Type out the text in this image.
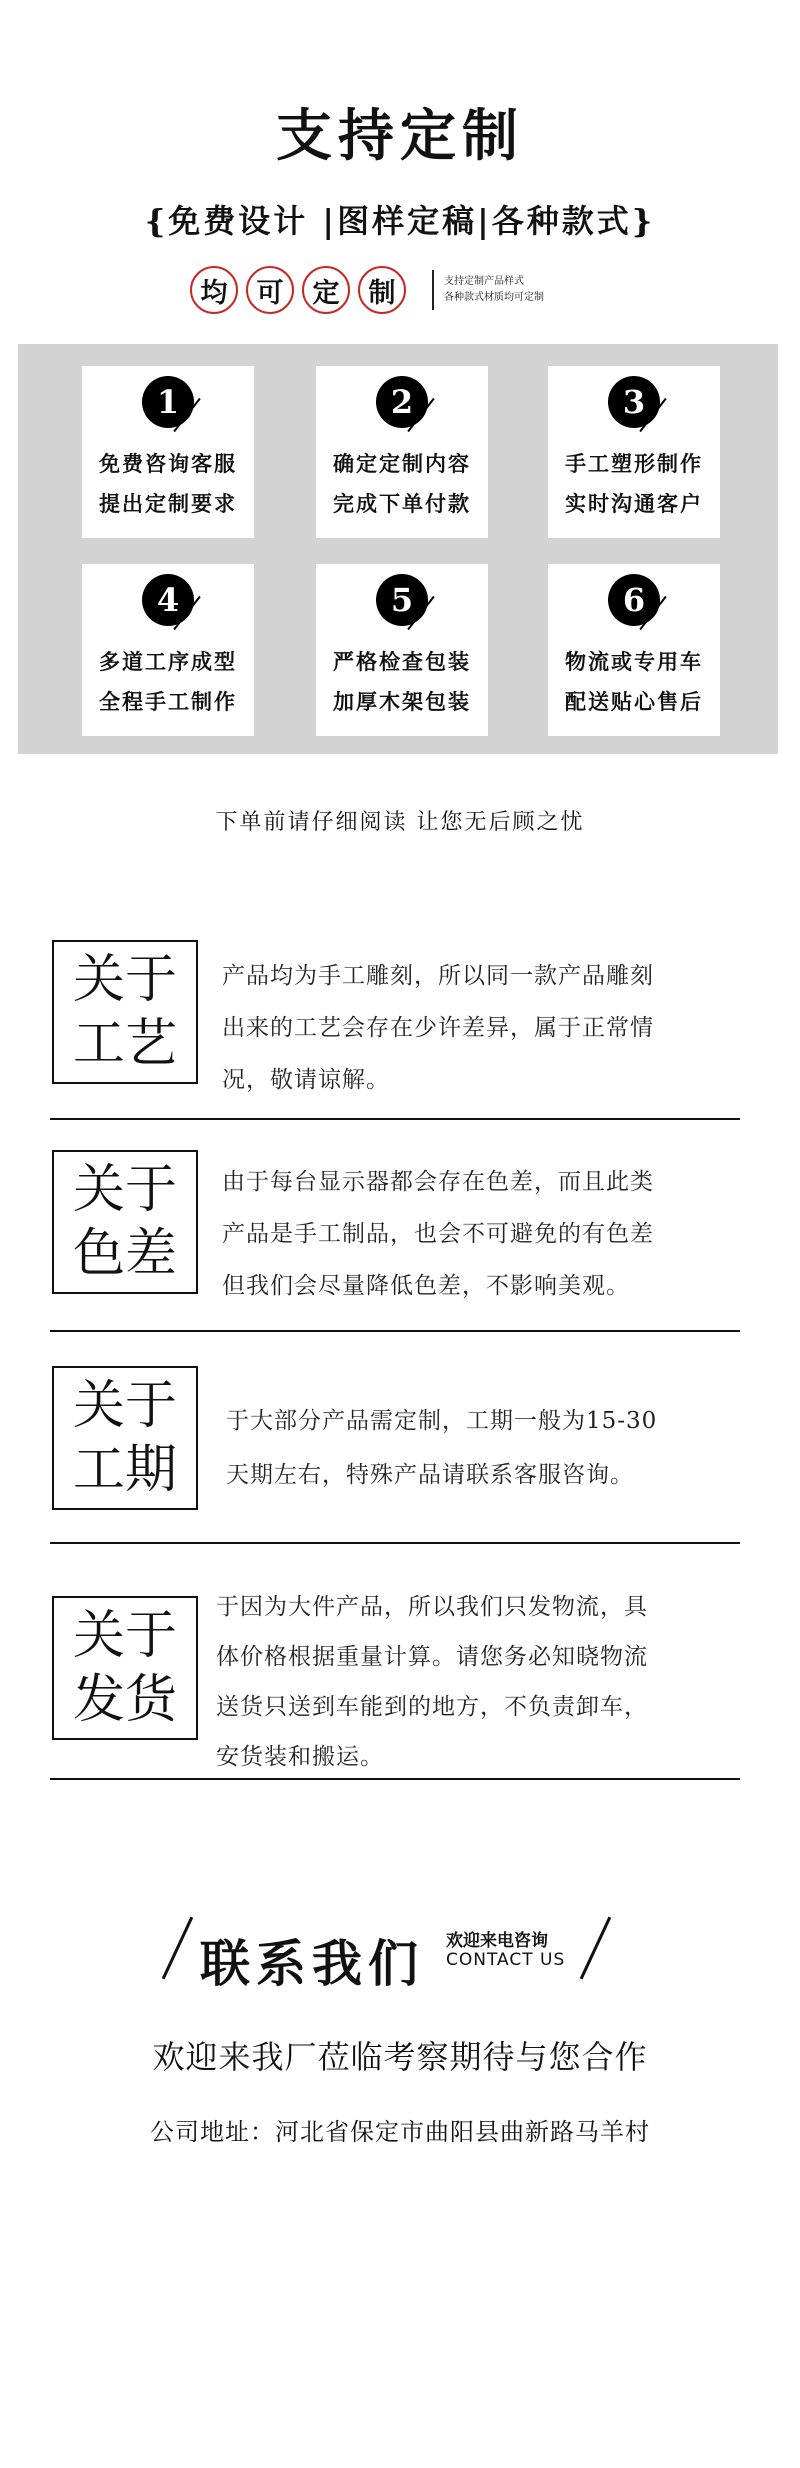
支持定制
{免费设计 |图样定稿|各种款式}
均	可	定	制	支持定制产品样式
各种款式材质均可定制
1
免费咨询客服
提出定制要求
2
确定定制内容
完成下单付款
3
手工塑形制作
实时沟通客户
4
多道工序成型
全程手工制作
5
严格检查包装
加厚木架包装
6
物流或专用车
配送贴心售后
下单前请仔细阅读 让您无后顾之忧
关于
工艺
产品均为手工雕刻，所以同一款产品雕刻
出来的工艺会存在少许差异，属于正常情
况，敬请谅解。
关于
色差
由于每台显示器都会存在色差，而且此类
产品是手工制品，也会不可避免的有色差
但我们会尽量降低色差，不影响美观。
关于
工期
于大部分产品需定制，工期一般为15-30
天期左右，特殊产品请联系客服咨询。
关于
发货
于因为大件产品，所以我们只发物流，具
体价格根据重量计算。请您务必知晓物流
送货只送到车能到的地方，不负责卸车，
安货装和搬运。
联系我们 欢迎来电咨询
CONTACT US
欢迎来我厂莅临考察期待与您合作
公司地址：河北省保定市曲阳县曲新路马羊村
